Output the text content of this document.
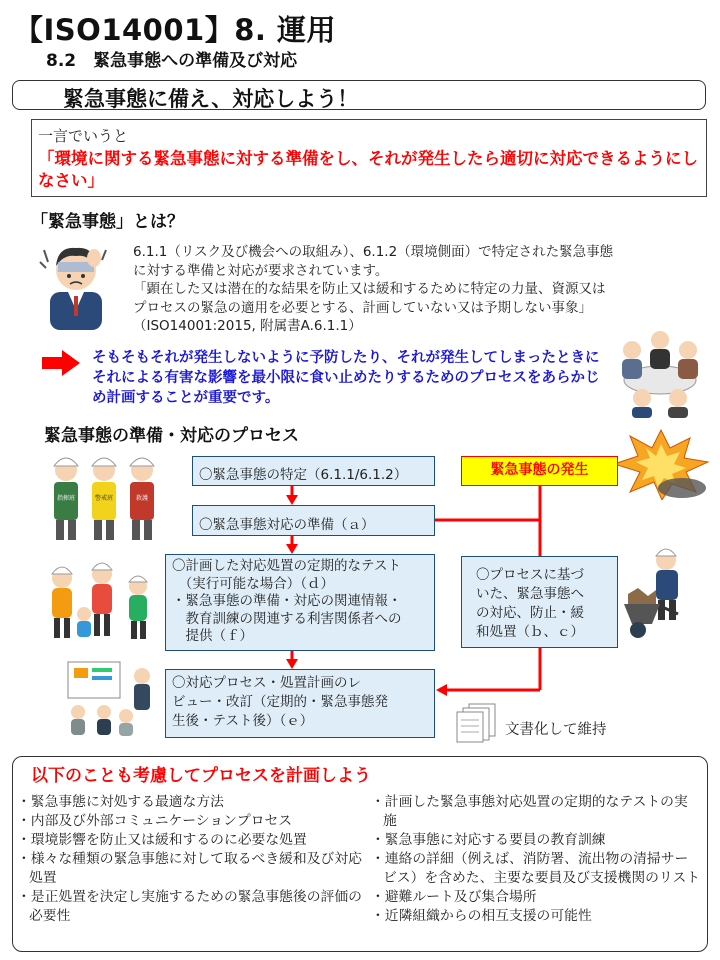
【ISO14001】8. 運用
8.2　緊急事態への準備及び対応
緊急事態に備え、対応しよう！
一言でいうと
「環境に関する緊急事態に対する準備をし、それが発生したら適切に対応できるようにしなさい」
「緊急事態」とは？
6.1.1（リスク及び機会への取組み）、6.1.2（環境側面）で特定された緊急事態
に対する準備と対応が要求されています。
「顕在した又は潜在的な結果を防止又は緩和するために特定の力量、資源又は
プロセスの緊急の適用を必要とする、計画していない又は予期しない事象」
（ISO14001:2015, 附属書A.6.1.1）
そもそもそれが発生しないように予防したり、それが発生してしまったときにそれによる有害な影響を最小限に食い止めたりするためのプロセスをあらかじめ計画することが重要です。
緊急事態の準備・対応のプロセス
指揮班	警戒班	救護
〇緊急事態の特定（6.1.1/6.1.2）
〇緊急事態対応の準備（ａ）
〇計画した対応処置の定期的なテスト
　（実行可能な場合）（ｄ）
・緊急事態の準備・対応の関連情報・
　教育訓練の関連する利害関係者への
　提供（ｆ）
〇対応プロセス・処置計画のレ
ビュー・改訂（定期的・緊急事態発
生後・テスト後）（ｅ）
〇プロセスに基づ
いた、緊急事態へ
の対応、防止・緩
和処置（ｂ、ｃ）
緊急事態の発生
文書化して維持
以下のことも考慮してプロセスを計画しよう
・緊急事態に対処する最適な方法
・内部及び外部コミュニケーションプロセス
・環境影響を防止又は緩和するのに必要な処置
・様々な種類の緊急事態に対して取るべき緩和及び対応処置
・是正処置を決定し実施するための緊急事態後の評価の必要性
・計画した緊急事態対応処置の定期的なテストの実施
・緊急事態に対応する要員の教育訓練
・連絡の詳細（例えば、消防署、流出物の清掃サービス）を含めた、主要な要員及び支援機関のリスト
・避難ルート及び集合場所
・近隣組織からの相互支援の可能性
